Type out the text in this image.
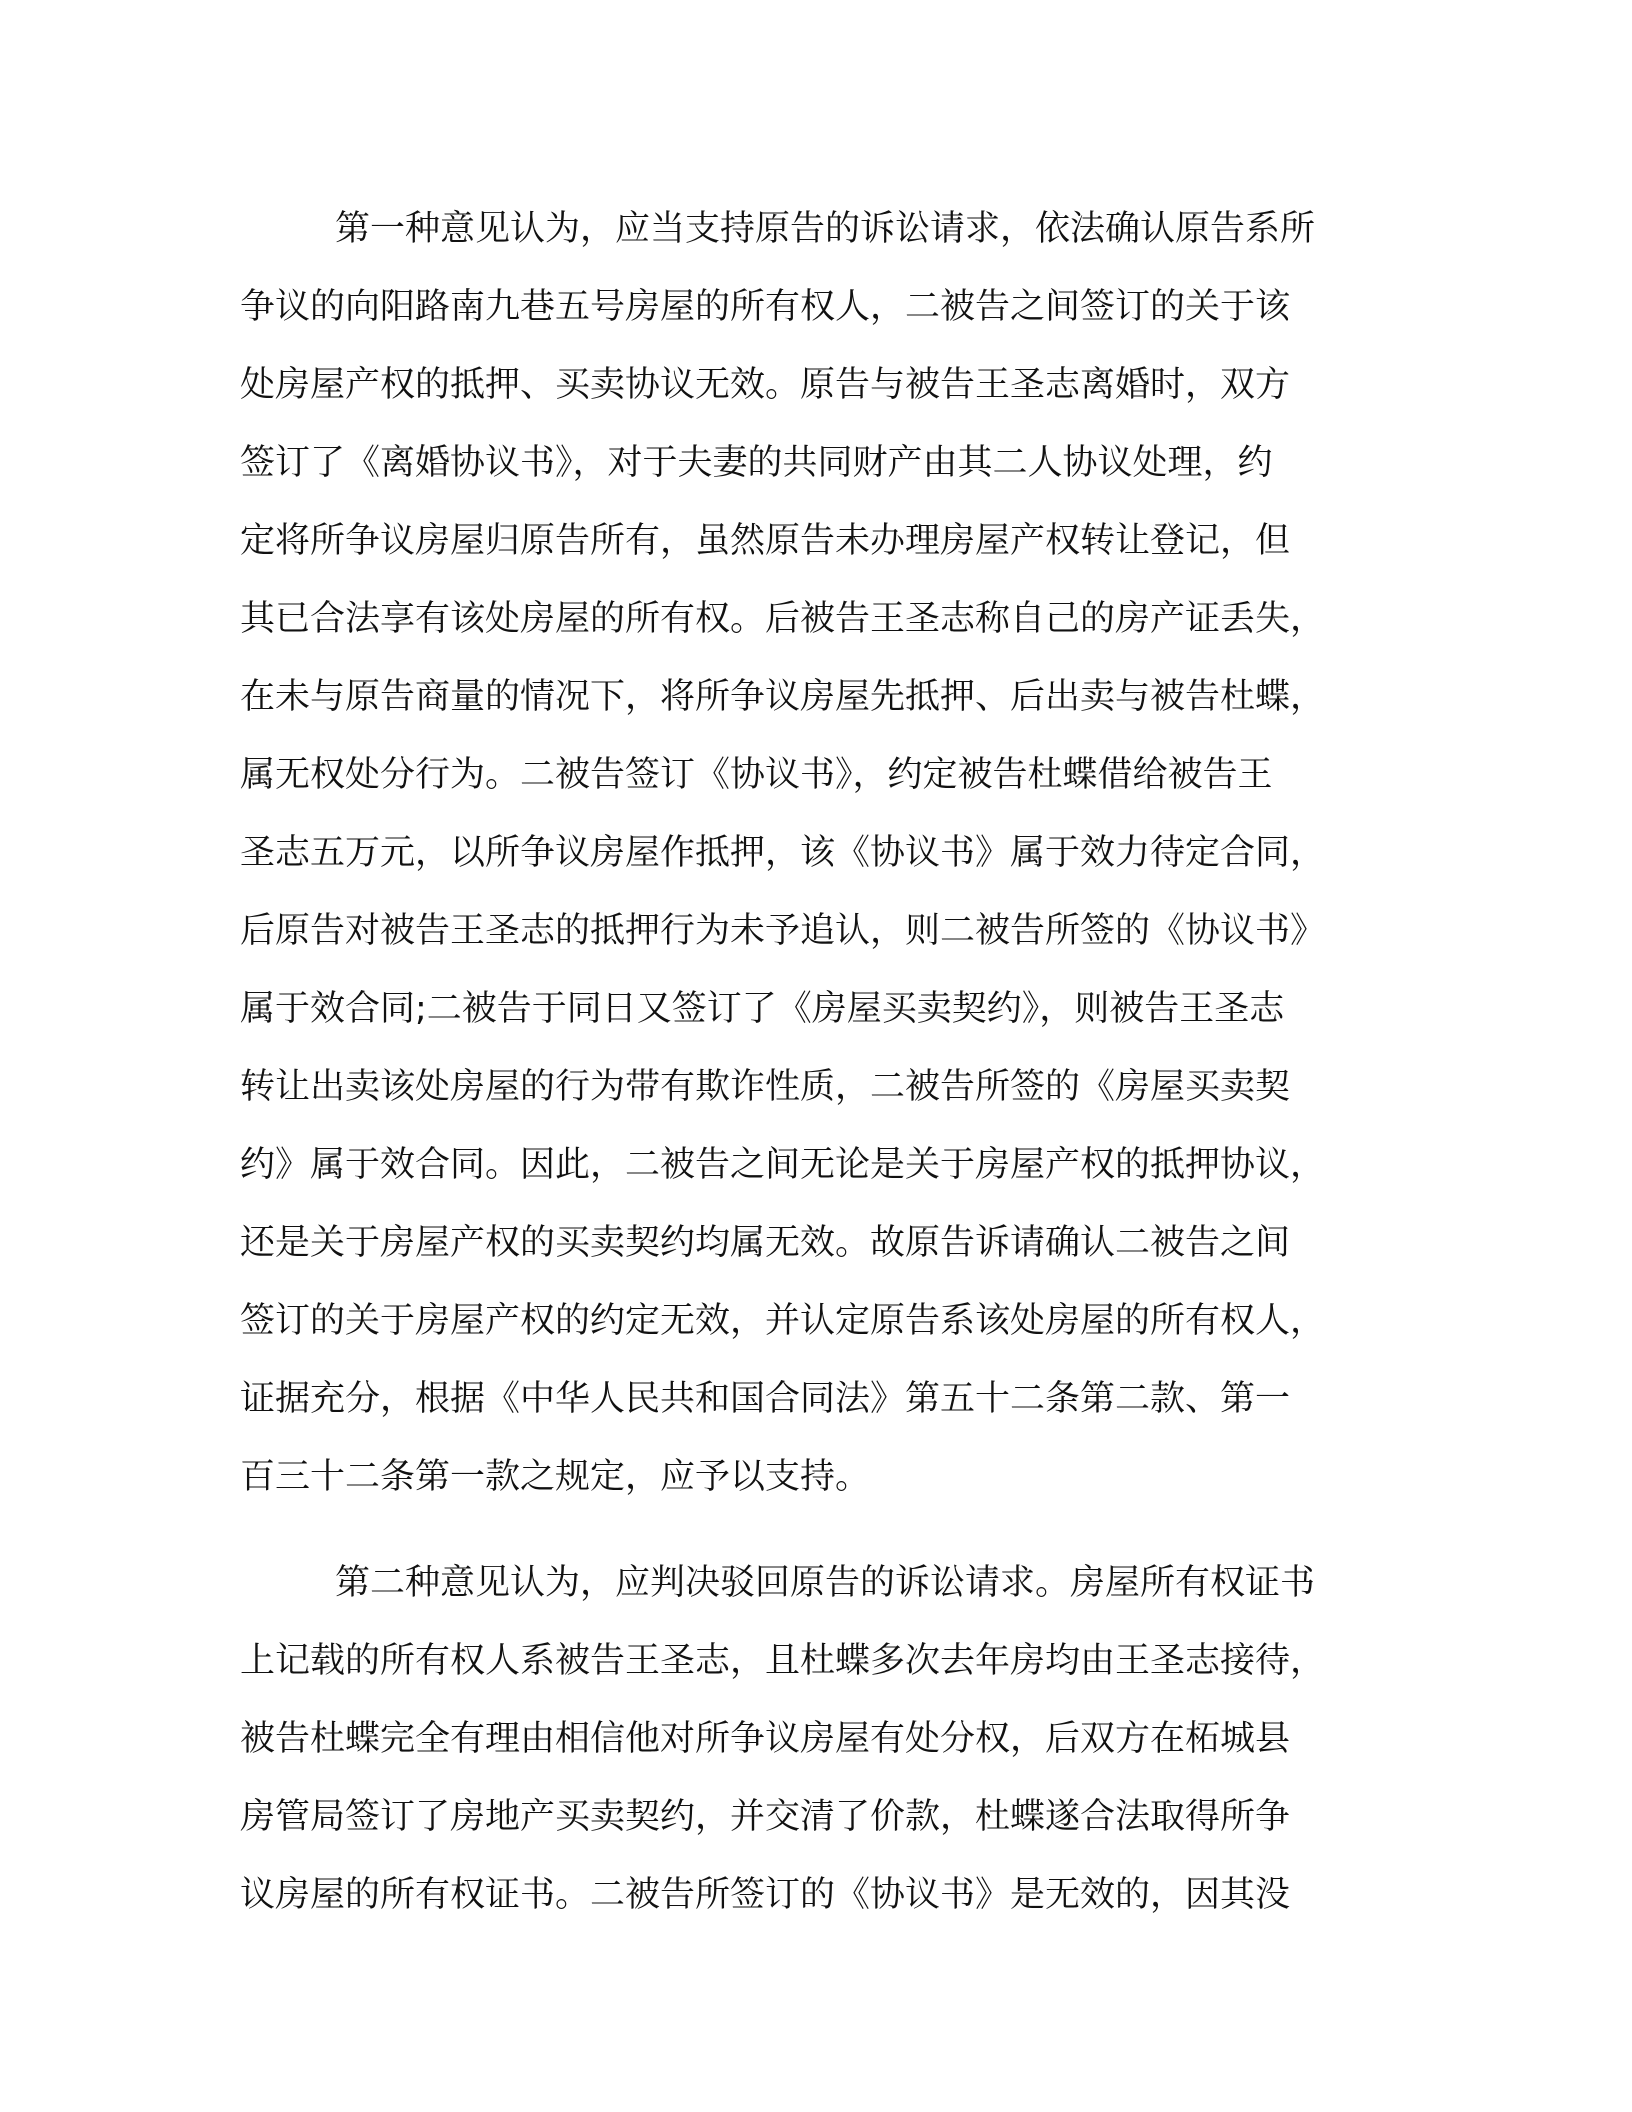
第一种意见认为，应当支持原告的诉讼请求，依法确认原告系所
争议的向阳路南九巷五号房屋的所有权人，二被告之间签订的关于该
处房屋产权的抵押、买卖协议无效。原告与被告王圣志离婚时，双方
签订了《离婚协议书》，对于夫妻的共同财产由其二人协议处理，约
定将所争议房屋归原告所有，虽然原告未办理房屋产权转让登记，但
其已合法享有该处房屋的所有权。后被告王圣志称自己的房产证丢失，
在未与原告商量的情况下，将所争议房屋先抵押、后出卖与被告杜蝶，
属无权处分行为。二被告签订《协议书》，约定被告杜蝶借给被告王
圣志五万元，以所争议房屋作抵押，该《协议书》属于效力待定合同，
后原告对被告王圣志的抵押行为未予追认，则二被告所签的《协议书》
属于效合同;二被告于同日又签订了《房屋买卖契约》，则被告王圣志
转让出卖该处房屋的行为带有欺诈性质，二被告所签的《房屋买卖契
约》属于效合同。因此，二被告之间无论是关于房屋产权的抵押协议，
还是关于房屋产权的买卖契约均属无效。故原告诉请确认二被告之间
签订的关于房屋产权的约定无效，并认定原告系该处房屋的所有权人，
证据充分，根据《中华人民共和国合同法》第五十二条第二款、第一
百三十二条第一款之规定，应予以支持。
第二种意见认为，应判决驳回原告的诉讼请求。房屋所有权证书
上记载的所有权人系被告王圣志，且杜蝶多次去年房均由王圣志接待，
被告杜蝶完全有理由相信他对所争议房屋有处分权，后双方在柘城县
房管局签订了房地产买卖契约，并交清了价款，杜蝶遂合法取得所争
议房屋的所有权证书。二被告所签订的《协议书》是无效的，因其没
